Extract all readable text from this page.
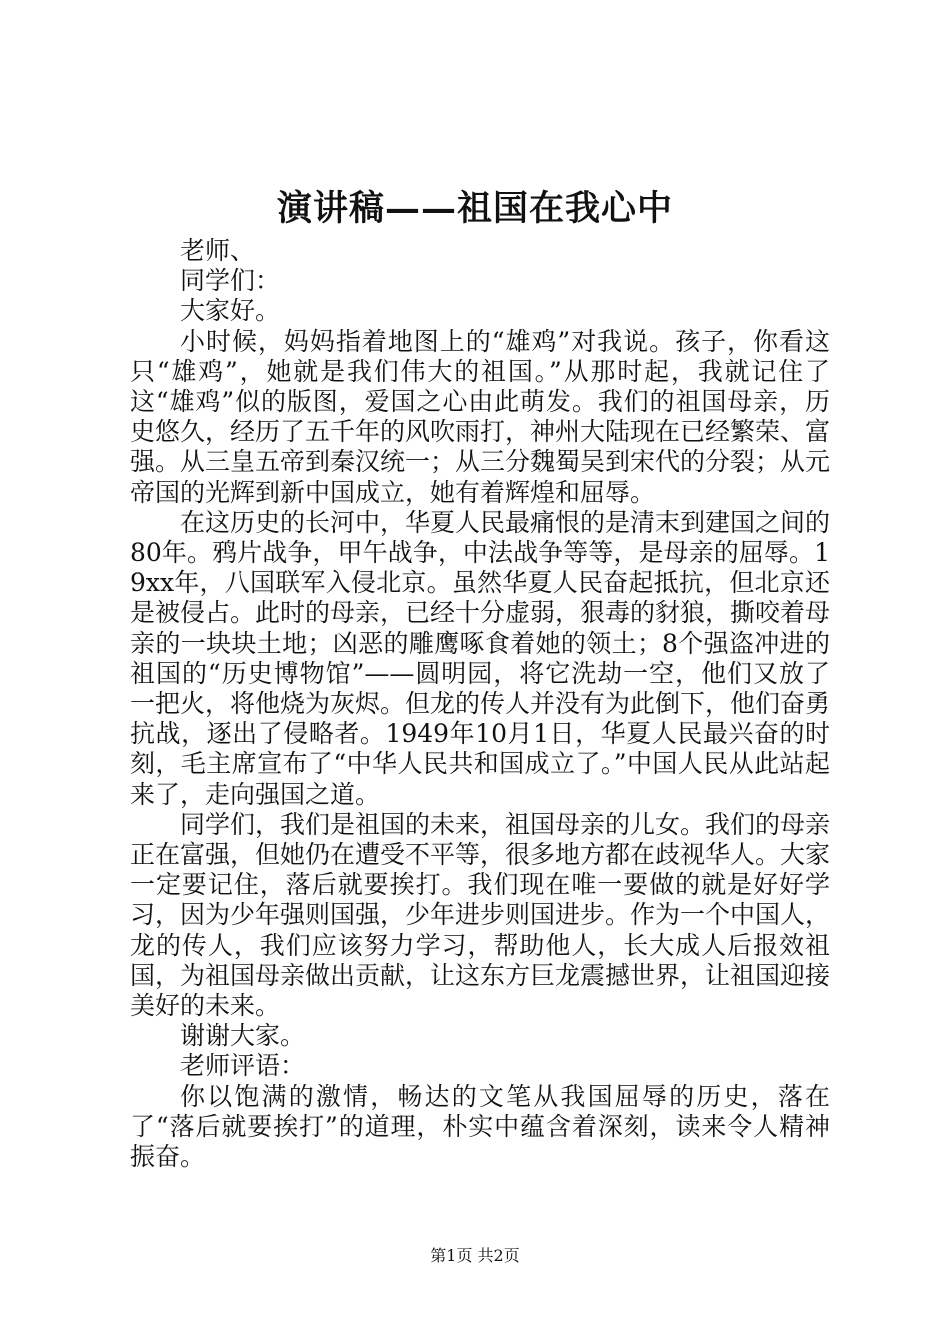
演讲稿——祖国在我心中

老师、

同学们：

大家好。

小时候，妈妈指着地图上的“雄鸡”对我说。孩子，你看这只“雄鸡”，她就是我们伟大的祖国。”从那时起，我就记住了这“雄鸡”似的版图，爱国之心由此萌发。我们的祖国母亲，历史悠久，经历了五千年的风吹雨打，神州大陆现在已经繁荣、富强。从三皇五帝到秦汉统一；从三分魏蜀吴到宋代的分裂；从元帝国的光辉到新中国成立，她有着辉煌和屈辱。

在这历史的长河中，华夏人民最痛恨的是清末到建国之间的80年。鸦片战争，甲午战争，中法战争等等，是母亲的屈辱。19xx年，八国联军入侵北京。虽然华夏人民奋起抵抗，但北京还是被侵占。此时的母亲，已经十分虚弱，狠毒的豺狼，撕咬着母亲的一块块土地；凶恶的雕鹰啄食着她的领土；8个强盗冲进的祖国的“历史博物馆”——圆明园，将它洗劫一空，他们又放了一把火，将他烧为灰烬。但龙的传人并没有为此倒下，他们奋勇抗战，逐出了侵略者。1949年10月1日，华夏人民最兴奋的时刻，毛主席宣布了“中华人民共和国成立了。”中国人民从此站起来了，走向强国之道。

同学们，我们是祖国的未来，祖国母亲的儿女。我们的母亲正在富强，但她仍在遭受不平等，很多地方都在歧视华人。大家一定要记住，落后就要挨打。我们现在唯一要做的就是好好学习，因为少年强则国强，少年进步则国进步。作为一个中国人，龙的传人，我们应该努力学习，帮助他人，长大成人后报效祖国，为祖国母亲做出贡献，让这东方巨龙震撼世界，让祖国迎接美好的未来。

谢谢大家。

老师评语：

你以饱满的激情，畅达的文笔从我国屈辱的历史，落在了“落后就要挨打”的道理，朴实中蕴含着深刻，读来令人精神振奋。

第1页 共2页
